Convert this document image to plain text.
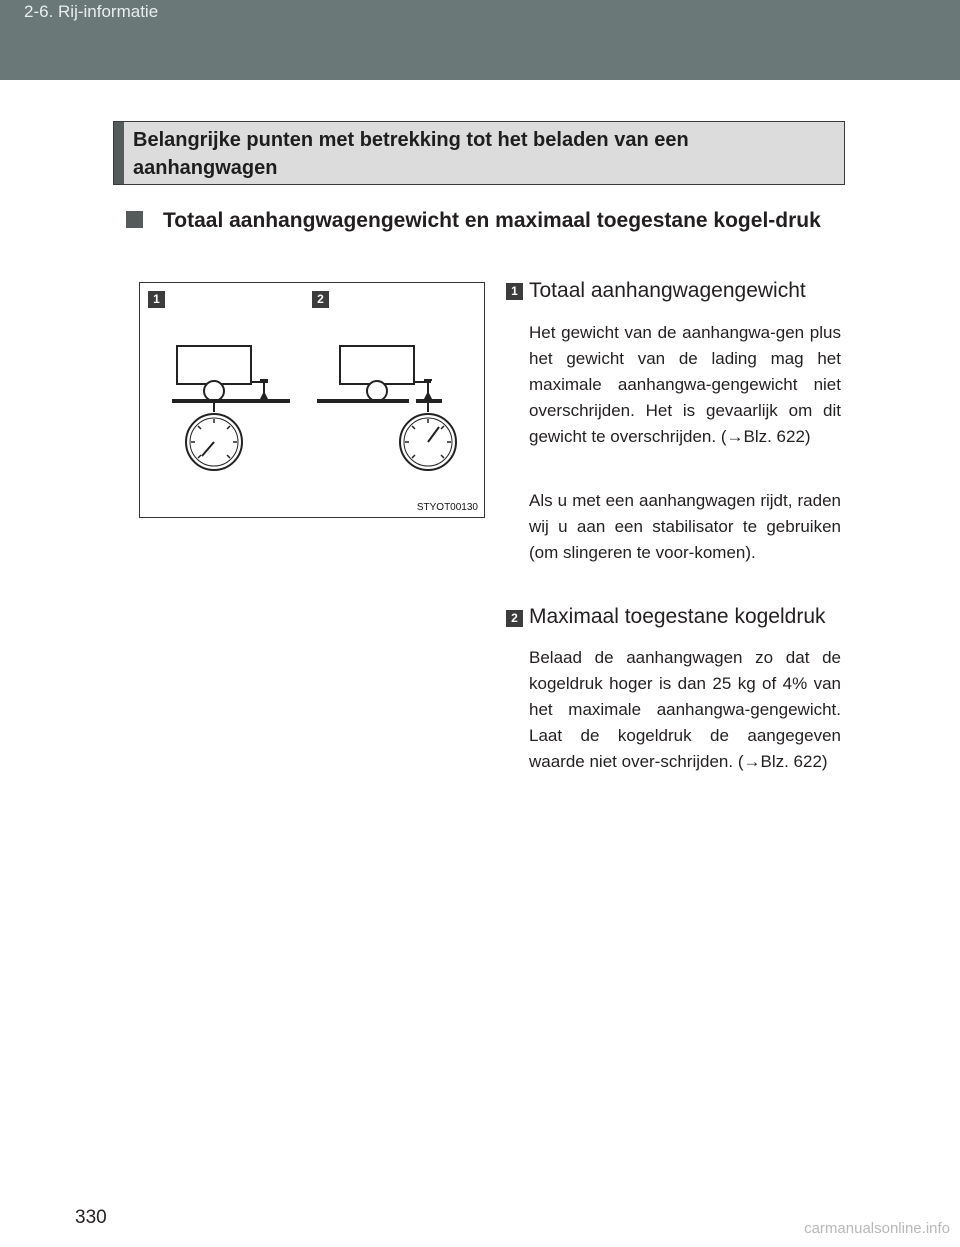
2-6. Rij-informatie
Belangrijke punten met betrekking tot het beladen van een aanhangwagen
Totaal aanhangwagengewicht en maximaal toegestane kogel-druk
1	2
STYOT00130
1 Totaal aanhangwagengewicht
Het gewicht van de aanhangwa-gen plus het gewicht van de lading mag het maximale aanhangwa-gengewicht niet overschrijden. Het is gevaarlijk om dit gewicht te overschrijden. (→Blz. 622)
Als u met een aanhangwagen rijdt, raden wij u aan een stabilisator te gebruiken (om slingeren te voor-komen).
2 Maximaal toegestane kogeldruk
Belaad de aanhangwagen zo dat de kogeldruk hoger is dan 25 kg of 4% van het maximale aanhangwa-gengewicht. Laat de kogeldruk de aangegeven waarde niet over-schrijden. (→Blz. 622)
330
carmanualsonline.info
